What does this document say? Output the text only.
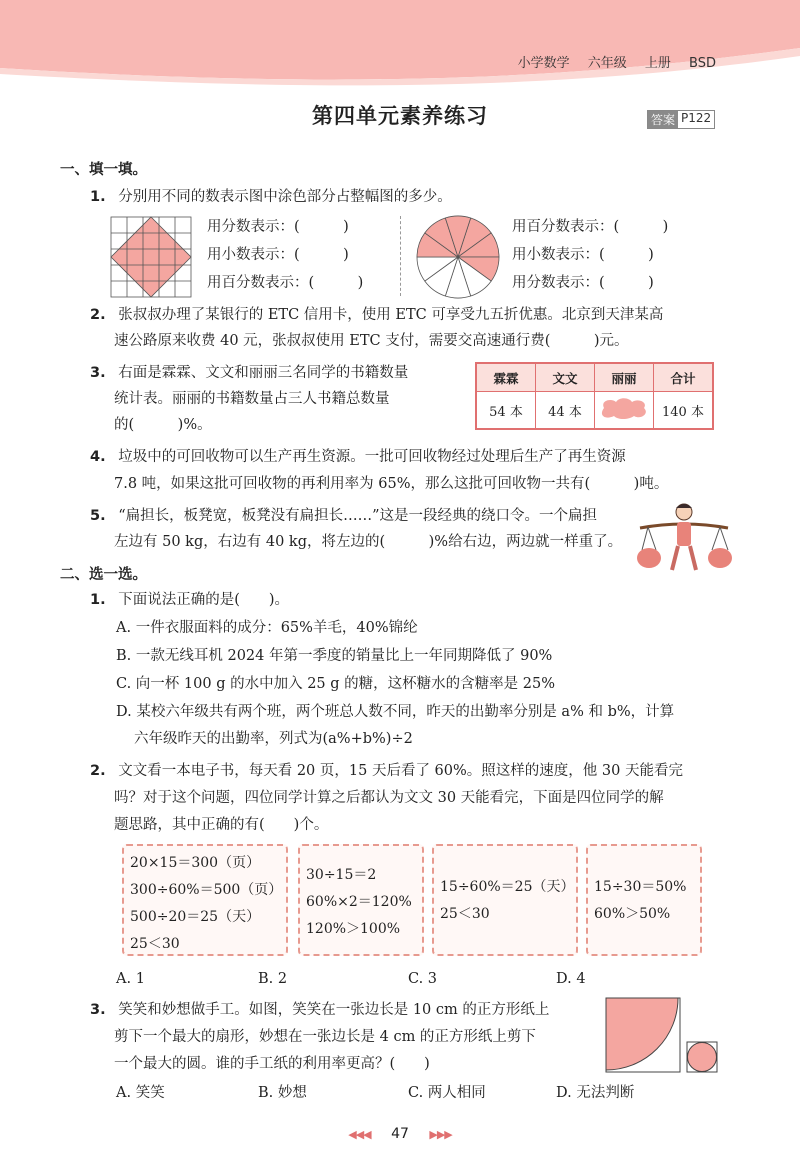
小学数学 六年级 上册 BSD
第四单元素养练习	答案 P122
一、填一填。
1. 分别用不同的数表示图中涂色部分占整幅图的多少。
用分数表示：(　　　)
用小数表示：(　　　)
用百分数表示：(　　　)
用百分数表示：(　　　)
用小数表示：(　　　)
用分数表示：(　　　)
2. 张叔叔办理了某银行的 ETC 信用卡，使用 ETC 可享受九五折优惠。北京到天津某高
速公路原来收费 40 元，张叔叔使用 ETC 支付，需要交高速通行费(　　　)元。
3. 右面是霖霖、文文和丽丽三名同学的书籍数量
统计表。丽丽的书籍数量占三人书籍总数量
的(　　　)%。
霖霖	文文	丽丽	合计
54 本	44 本		140 本
4. 垃圾中的可回收物可以生产再生资源。一批可回收物经过处理后生产了再生资源
7.8 吨，如果这批可回收物的再利用率为 65%，那么这批可回收物一共有(　　　)吨。
5. “扁担长，板凳宽，板凳没有扁担长……”这是一段经典的绕口令。一个扁担
左边有 50 kg，右边有 40 kg，将左边的(　　　)%给右边，两边就一样重了。
二、选一选。
1. 下面说法正确的是(　　)。
A. 一件衣服面料的成分：65%羊毛，40%锦纶
B. 一款无线耳机 2024 年第一季度的销量比上一年同期降低了 90%
C. 向一杯 100 g 的水中加入 25 g 的糖，这杯糖水的含糖率是 25%
D. 某校六年级共有两个班，两个班总人数不同，昨天的出勤率分别是 a% 和 b%，计算
六年级昨天的出勤率，列式为(a%+b%)÷2
2. 文文看一本电子书，每天看 20 页，15 天后看了 60%。照这样的速度，他 30 天能看完
吗？对于这个问题，四位同学计算之后都认为文文 30 天能看完，下面是四位同学的解
题思路，其中正确的有(　　)个。
20×15＝300（页）
300÷60%＝500（页）
500÷20＝25（天）
25＜30
30÷15＝2
60%×2＝120%
120%＞100%
15÷60%＝25（天）
25＜30
15÷30＝50%
60%＞50%
A. 1	B. 2	C. 3	D. 4
3. 笑笑和妙想做手工。如图，笑笑在一张边长是 10 cm 的正方形纸上
剪下一个最大的扇形，妙想在一张边长是 4 cm 的正方形纸上剪下
一个最大的圆。谁的手工纸的利用率更高？(　　)
A. 笑笑	B. 妙想	C. 两人相同	D. 无法判断
◀◀◀ 47 ▶▶▶
